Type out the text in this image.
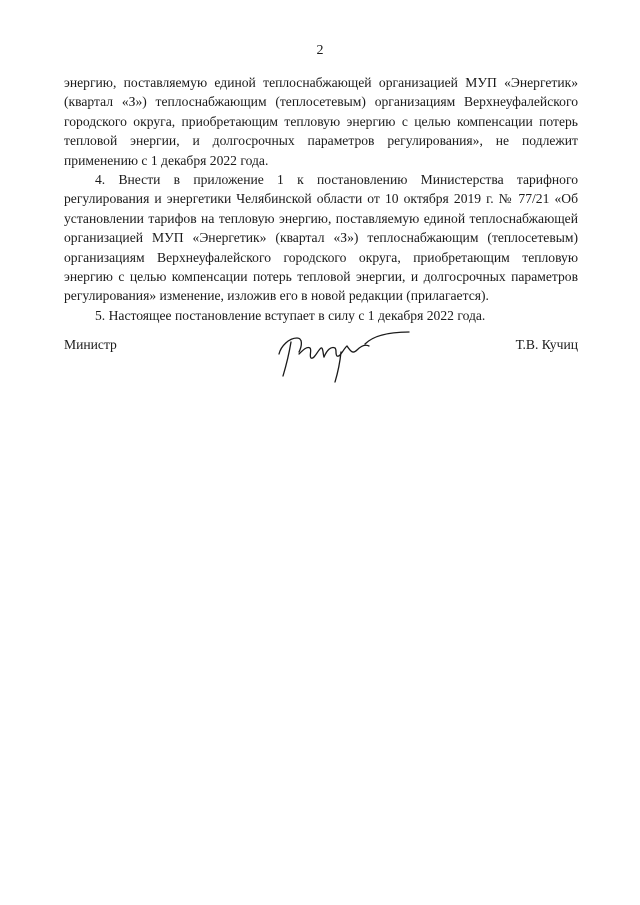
2

энергию, поставляемую единой теплоснабжающей организацией МУП «Энергетик» (квартал «З») теплоснабжающим (теплосетевым) организациям Верхнеуфалейского городского округа, приобретающим тепловую энергию с целью компенсации потерь тепловой энергии, и долгосрочных параметров регулирования», не подлежит применению с 1 декабря 2022 года.

4. Внести в приложение 1 к постановлению Министерства тарифного регулирования и энергетики Челябинской области от 10 октября 2019 г. № 77/21 «Об установлении тарифов на тепловую энергию, поставляемую единой теплоснабжающей организацией МУП «Энергетик» (квартал «З») теплоснабжающим (теплосетевым) организациям Верхнеуфалейского городского округа, приобретающим тепловую энергию с целью компенсации потерь тепловой энергии, и долгосрочных параметров регулирования» изменение, изложив его в новой редакции (прилагается).

5. Настоящее постановление вступает в силу с 1 декабря 2022 года.

Министр	Т.В. Кучиц
